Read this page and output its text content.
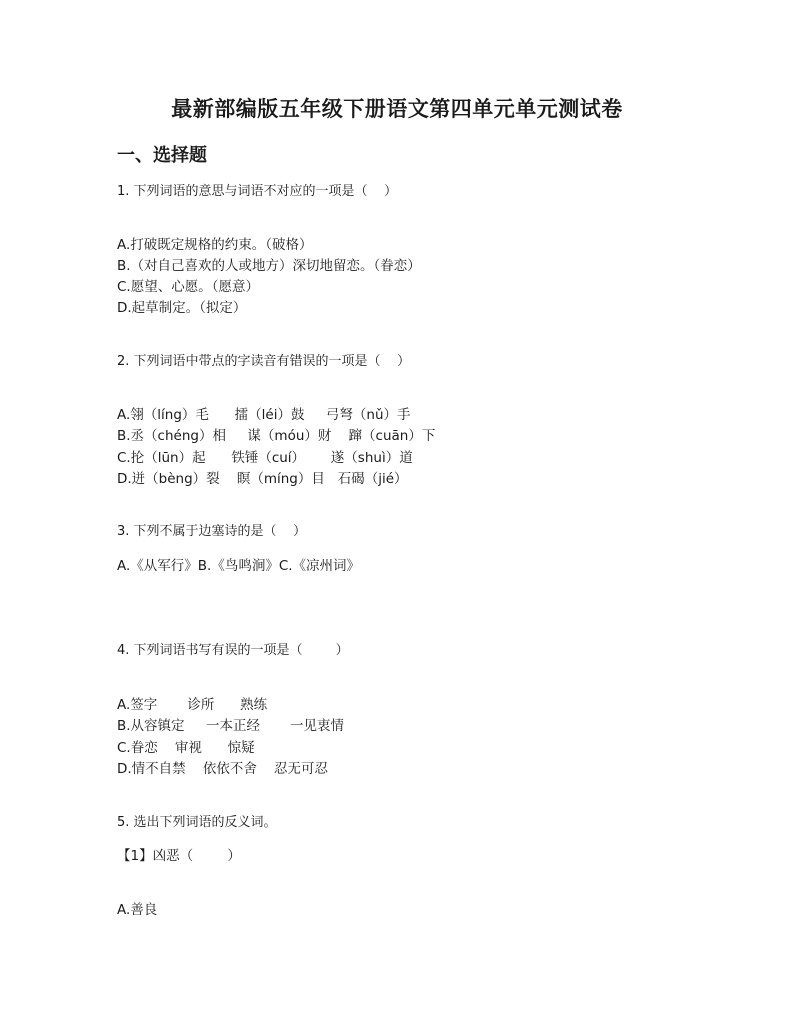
最新部编版五年级下册语文第四单元单元测试卷
一、选择题
1. 下列词语的意思与词语不对应的一项是（    ）
A.打破既定规格的约束。（破格）
B.（对自己喜欢的人或地方）深切地留恋。（眷恋）
C.愿望、心愿。（愿意）
D.起草制定。（拟定）
2. 下列词语中带点的字读音有错误的一项是（    ）
A.翎（líng）毛      擂（léi）鼓     弓弩（nǔ）手
B.丞（chéng）相     谋（móu）财    蹿（cuān）下
C.抡（lūn）起      铁锤（cuí）      遂（shuì）道
D.迸（bèng）裂    瞑（míng）目   石碣（jié）
3. 下列不属于边塞诗的是（    ）
A.《从军行》B.《鸟鸣涧》C.《凉州词》
4. 下列词语书写有误的一项是（        ）
A.签字       诊所      熟练
B.从容镇定     一本正经       一见衷情
C.眷恋    审视      惊疑
D.情不自禁    依依不舍    忍无可忍
5. 选出下列词语的反义词。
【1】凶恶（        ）
A.善良
